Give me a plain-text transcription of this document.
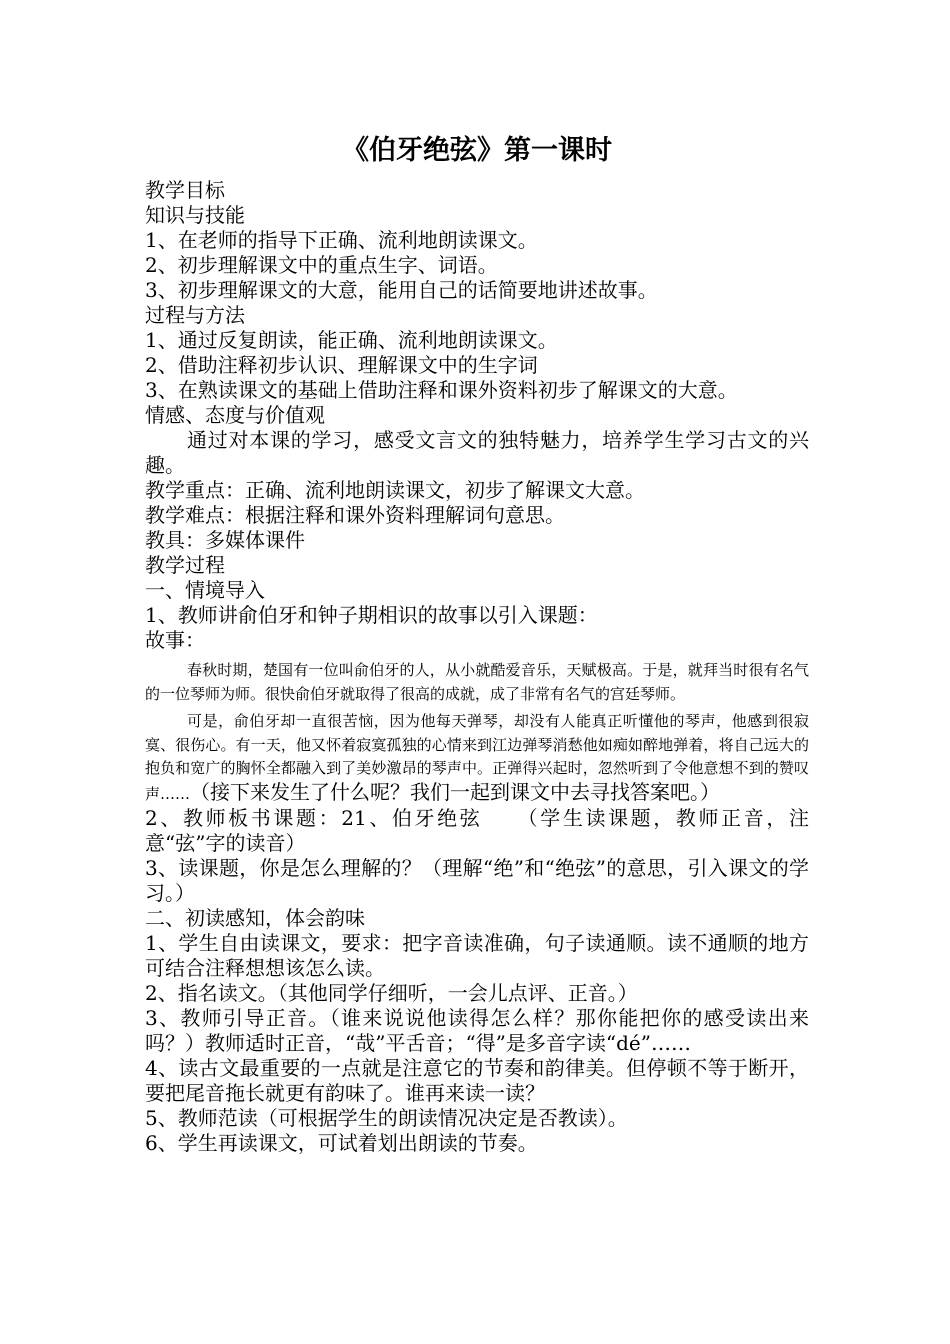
《伯牙绝弦》第一课时

教学目标

知识与技能

1、在老师的指导下正确、流利地朗读课文。

2、初步理解课文中的重点生字、词语。

3、初步理解课文的大意，能用自己的话简要地讲述故事。

过程与方法

1、通过反复朗读，能正确、流利地朗读课文。

2、借助注释初步认识、理解课文中的生字词

3、在熟读课文的基础上借助注释和课外资料初步了解课文的大意。

情感、态度与价值观

通过对本课的学习，感受文言文的独特魅力，培养学生学习古文的兴趣。

教学重点：正确、流利地朗读课文，初步了解课文大意。

教学难点：根据注释和课外资料理解词句意思。

教具：多媒体课件

教学过程

一、情境导入

1、教师讲俞伯牙和钟子期相识的故事以引入课题：

故事：

春秋时期，楚国有一位叫俞伯牙的人，从小就酷爱音乐，天赋极高。于是，就拜当时很有名气的一位琴师为师。很快俞伯牙就取得了很高的成就，成了非常有名气的宫廷琴师。

可是，俞伯牙却一直很苦恼，因为他每天弹琴，却没有人能真正听懂他的琴声，他感到很寂寞、很伤心。有一天，他又怀着寂寞孤独的心情来到江边弹琴消愁他如痴如醉地弹着，将自己远大的抱负和宽广的胸怀全都融入到了美妙激昂的琴声中。正弹得兴起时，忽然听到了令他意想不到的赞叹声……（接下来发生了什么呢？我们一起到课文中去寻找答案吧。）

2、教师板书课题：21、伯牙绝弦　　（学生读课题，教师正音，注意“弦”字的读音）

3、读课题，你是怎么理解的？（理解“绝”和“绝弦”的意思，引入课文的学习。）

二、初读感知，体会韵味

1、学生自由读课文，要求：把字音读准确，句子读通顺。读不通顺的地方可结合注释想想该怎么读。

2、指名读文。（其他同学仔细听，一会儿点评、正音。）

3、教师引导正音。（谁来说说他读得怎么样？那你能把你的感受读出来吗？）教师适时正音，“哉”平舌音；“得”是多音字读“dé”……

4、读古文最重要的一点就是注意它的节奏和韵律美。但停顿不等于断开，要把尾音拖长就更有韵味了。谁再来读一读？

5、教师范读（可根据学生的朗读情况决定是否教读）。

6、学生再读课文，可试着划出朗读的节奏。
